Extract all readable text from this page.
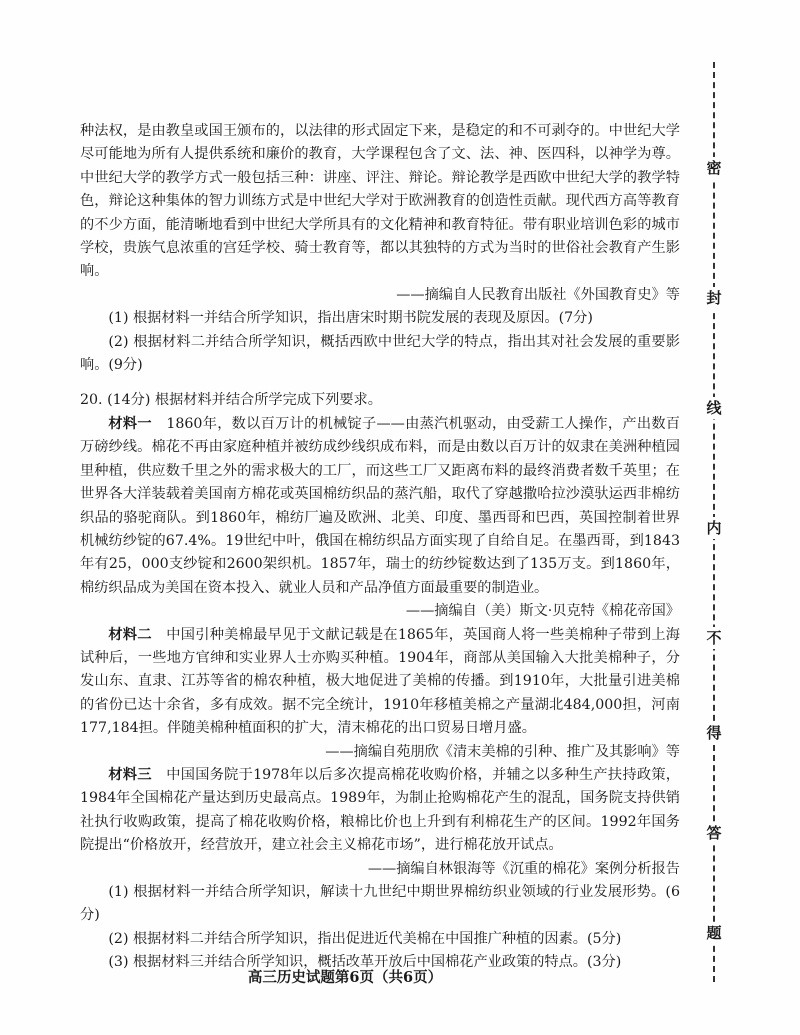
种法权，是由教皇或国王颁布的，以法律的形式固定下来，是稳定的和不可剥夺的。中世纪大学尽可能地为所有人提供系统和廉价的教育，大学课程包含了文、法、神、医四科，以神学为尊。中世纪大学的教学方式一般包括三种：讲座、评注、辩论。辩论教学是西欧中世纪大学的教学特色，辩论这种集体的智力训练方式是中世纪大学对于欧洲教育的创造性贡献。现代西方高等教育的不少方面，能清晰地看到中世纪大学所具有的文化精神和教育特征。带有职业培训色彩的城市学校，贵族气息浓重的宫廷学校、骑士教育等，都以其独特的方式为当时的世俗社会教育产生影响。

——摘编自人民教育出版社《外国教育史》等

(1) 根据材料一并结合所学知识，指出唐宋时期书院发展的表现及原因。(7分)

(2) 根据材料二并结合所学知识，概括西欧中世纪大学的特点，指出其对社会发展的重要影响。(9分)

20. (14分) 根据材料并结合所学完成下列要求。

材料一　 1860年，数以百万计的机械锭子——由蒸汽机驱动，由受薪工人操作，产出数百万磅纱线。棉花不再由家庭种植并被纺成纱线织成布料，而是由数以百万计的奴隶在美洲种植园里种植，供应数千里之外的需求极大的工厂，而这些工厂又距离布料的最终消费者数千英里；在世界各大洋装载着美国南方棉花或英国棉纺织品的蒸汽船，取代了穿越撒哈拉沙漠驮运西非棉纺织品的骆驼商队。到1860年，棉纺厂遍及欧洲、北美、印度、墨西哥和巴西，英国控制着世界机械纺纱锭的67.4%。19世纪中叶，俄国在棉纺织品方面实现了自给自足。在墨西哥，到1843年有25，000支纱锭和2600架织机。1857年，瑞士的纺纱锭数达到了135万支。到1860年，棉纺织品成为美国在资本投入、就业人员和产品净值方面最重要的制造业。

——摘编自（美）斯文·贝克特《棉花帝国》

材料二　 中国引种美棉最早见于文献记载是在1865年，英国商人将一些美棉种子带到上海试种后，一些地方官绅和实业界人士亦购买种植。1904年，商部从美国输入大批美棉种子，分发山东、直隶、江苏等省的棉农种植，极大地促进了美棉的传播。到1910年，大批量引进美棉的省份已达十余省，多有成效。据不完全统计，1910年移植美棉之产量湖北484,000担，河南177,184担。伴随美棉种植面积的扩大，清末棉花的出口贸易日增月盛。

——摘编自苑朋欣《清末美棉的引种、推广及其影响》等

材料三　 中国国务院于1978年以后多次提高棉花收购价格，并辅之以多种生产扶持政策，1984年全国棉花产量达到历史最高点。1989年，为制止抢购棉花产生的混乱，国务院支持供销社执行收购政策，提高了棉花收购价格，粮棉比价也上升到有利棉花生产的区间。1992年国务院提出“价格放开，经营放开，建立社会主义棉花市场”，进行棉花放开试点。

——摘编自林银海等《沉重的棉花》案例分析报告

(1) 根据材料一并结合所学知识，解读十九世纪中期世界棉纺织业领域的行业发展形势。(6分)

(2) 根据材料二并结合所学知识，指出促进近代美棉在中国推广种植的因素。(5分)

(3) 根据材料三并结合所学知识，概括改革开放后中国棉花产业政策的特点。(3分)

高三历史试题第6页（共6页）
密
封
线
内
不
得
答
题
